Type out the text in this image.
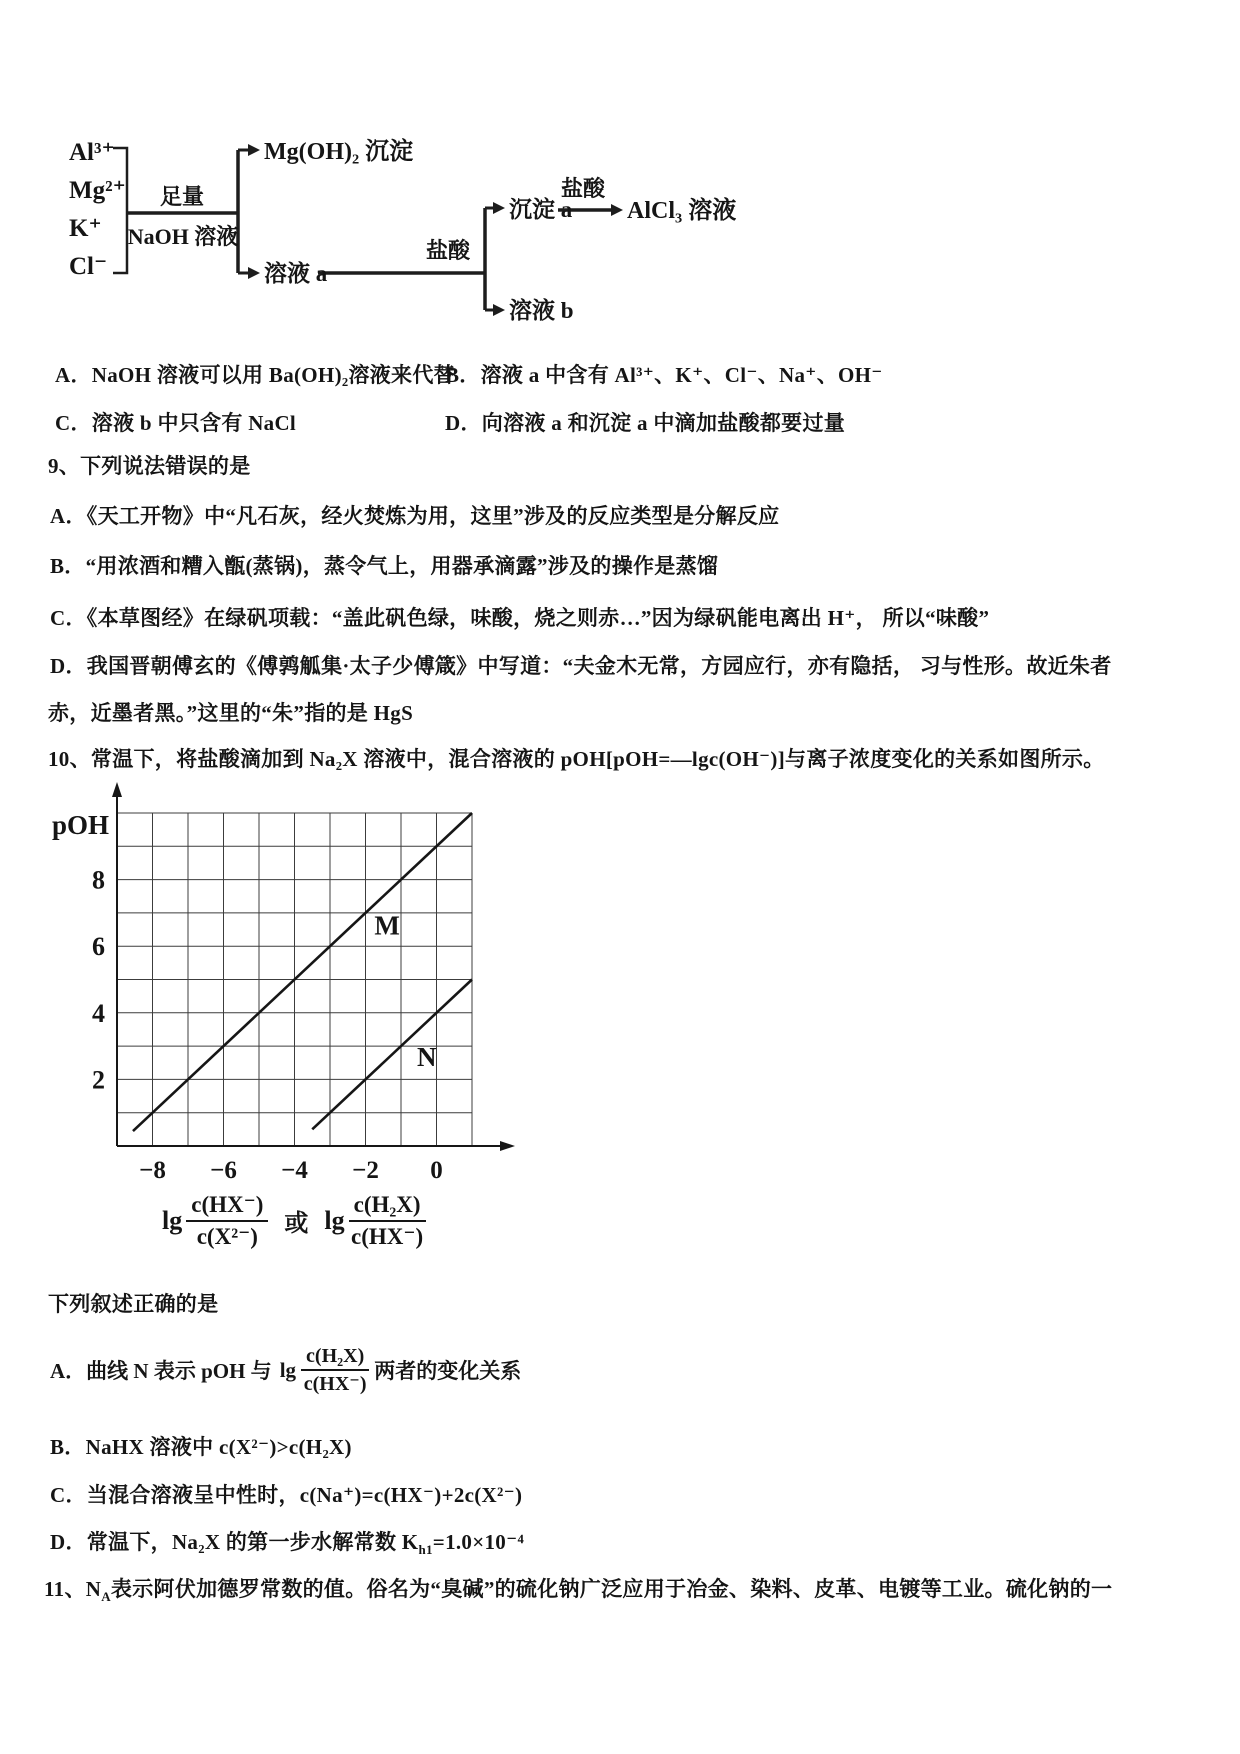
Al³⁺
Mg²⁺
K⁺
Cl⁻
足量
NaOH 溶液
Mg(OH)₂ 沉淀
溶液 a
盐酸
沉淀 a
溶液 b
盐酸
AlCl₃ 溶液
A．NaOH 溶液可以用 Ba(OH)₂溶液来代替
B．溶液 a 中含有 Al³⁺、K⁺、Cl⁻、Na⁺、OH⁻
C．溶液 b 中只含有 NaCl	D．向溶液 a 和沉淀 a 中滴加盐酸都要过量
9、下列说法错误的是
A．《天工开物》中“凡石灰，经火焚炼为用，这里”涉及的反应类型是分解反应
B．“用浓酒和糟入甑(蒸锅)，蒸令气上，用器承滴露”涉及的操作是蒸馏
C．《本草图经》在绿矾项载：“盖此矾色绿，味酸，烧之则赤…”因为绿矾能电离出 H⁺， 所以“味酸”
D．我国晋朝傅玄的《傅鹑觚集·太子少傅箴》中写道：“夫金木无常，方园应行，亦有隐括， 习与性形。故近朱者
赤，近墨者黑。”这里的“朱”指的是 HgS
10、常温下，将盐酸滴加到 Na₂X 溶液中，混合溶液的 pOH[pOH=—lgc(OH⁻)]与离子浓度变化的关系如图所示。
−8 −6 −4 −2 0
2
4
6
8
pOH
M
N
$\lg \frac{c(HX^-)}{\text{c(X²⁻)}}$ 或 $\lg \frac{\text{c(H₂X)}}{c(HX^-)}$
下列叙述正确的是
A．曲线 N 表示 pOH 与 $\lg \frac{\text{c(H₂X)}}{c(HX^-)}$ 两者的变化关系
B．NaHX 溶液中 c(X²⁻)>c(H₂X)
C．当混合溶液呈中性时，c(Na⁺)=c(HX⁻)+2c(X²⁻)
D．常温下，Na₂X 的第一步水解常数 $K_{h1}=1.0\times 10^{-4}$
11、$N_A$表示阿伏加德罗常数的值。俗名为“臭碱”的硫化钠广泛应用于冶金、染料、皮革、电镀等工业。硫化钠的一
